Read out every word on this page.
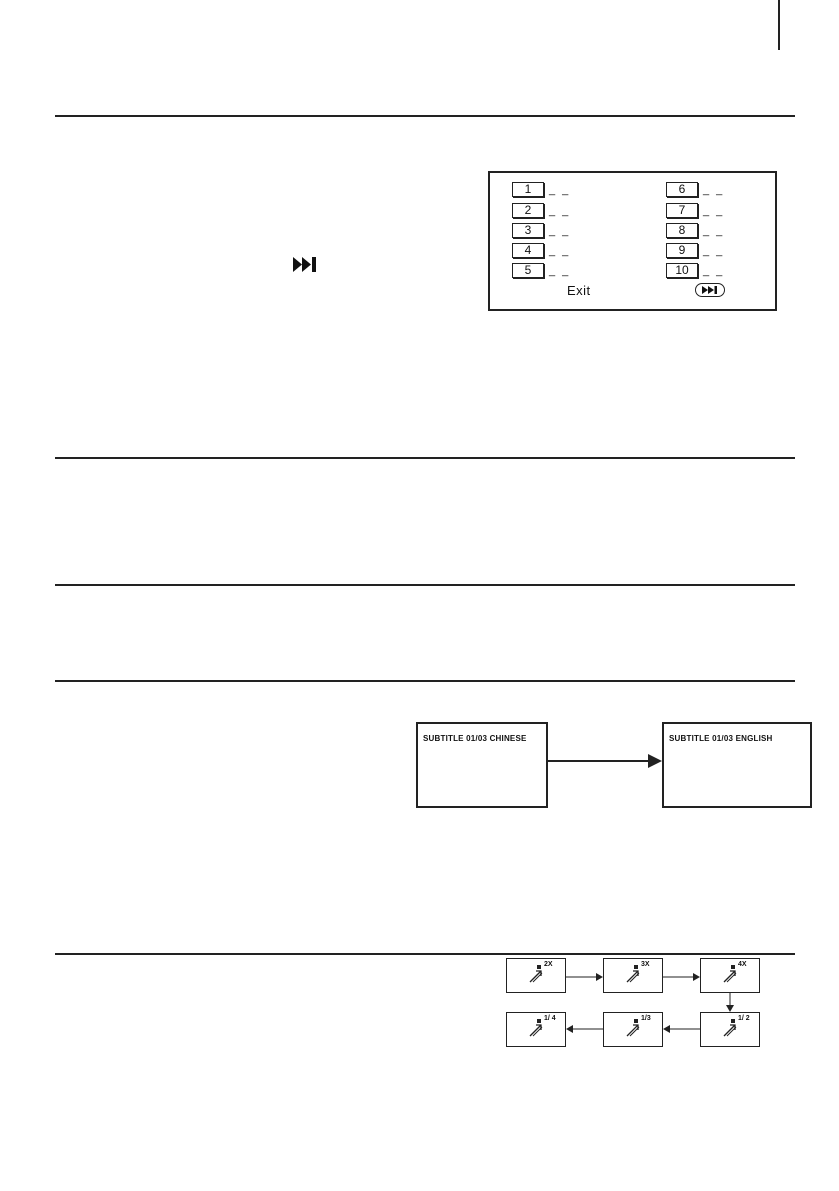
1	_ _
2	_ _
3	_ _
4	_ _
5	_ _
6	_ _
7	_ _
8	_ _
9	_ _
10	_ _
Exit
SUBTITLE 01/03 CHINESE	SUBTITLE 01/03 ENGLISH
2X	3X	4X
1/ 2
1/3
1/ 4
